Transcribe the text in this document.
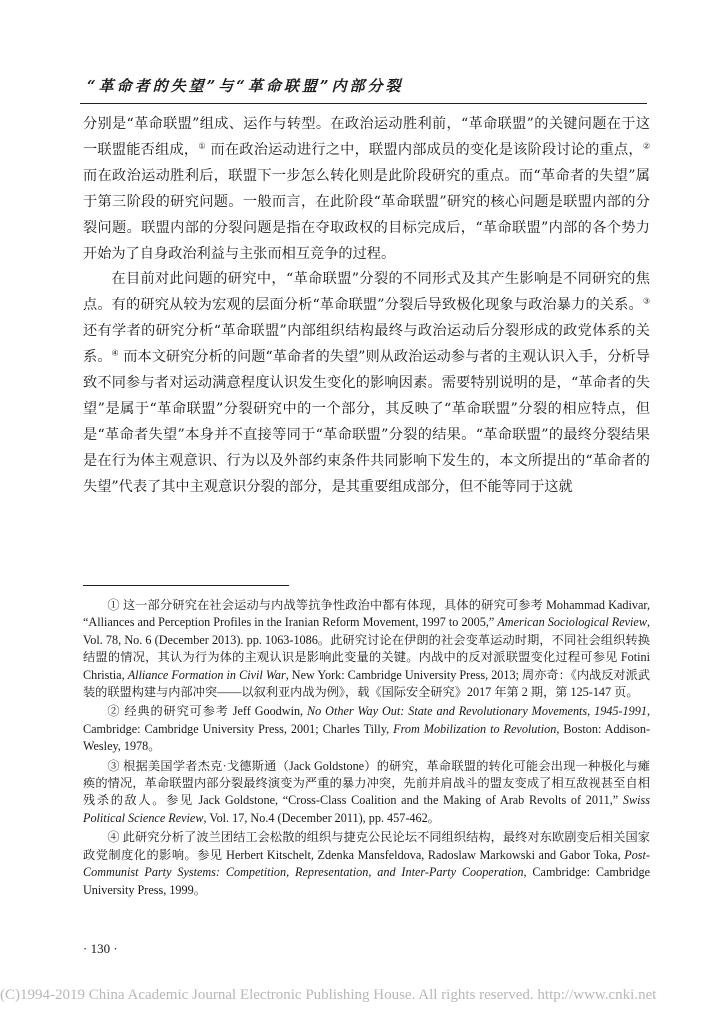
“革命者的失望”与“革命联盟”内部分裂

分别是“革命联盟”组成、运作与转型。在政治运动胜利前，“革命联盟”的关键问题在于这一联盟能否组成，① 而在政治运动进行之中，联盟内部成员的变化是该阶段讨论的重点，② 而在政治运动胜利后，联盟下一步怎么转化则是此阶段研究的重点。而“革命者的失望”属于第三阶段的研究问题。一般而言，在此阶段“革命联盟”研究的核心问题是联盟内部的分裂问题。联盟内部的分裂问题是指在夺取政权的目标完成后，“革命联盟”内部的各个势力开始为了自身政治利益与主张而相互竞争的过程。

在目前对此问题的研究中，“革命联盟”分裂的不同形式及其产生影响是不同研究的焦点。有的研究从较为宏观的层面分析“革命联盟”分裂后导致极化现象与政治暴力的关系。③ 还有学者的研究分析“革命联盟”内部组织结构最终与政治运动后分裂形成的政党体系的关系。④ 而本文研究分析的问题“革命者的失望”则从政治运动参与者的主观认识入手，分析导致不同参与者对运动满意程度认识发生变化的影响因素。需要特别说明的是，“革命者的失望”是属于“革命联盟”分裂研究中的一个部分，其反映了“革命联盟”分裂的相应特点，但是“革命者失望”本身并不直接等同于“革命联盟”分裂的结果。“革命联盟”的最终分裂结果是在行为体主观意识、行为以及外部约束条件共同影响下发生的，本文所提出的“革命者的失望”代表了其中主观意识分裂的部分，是其重要组成部分，但不能等同于这就

① 这一部分研究在社会运动与内战等抗争性政治中都有体现，具体的研究可参考 Mohammad Kadivar, “Alliances and Perception Profiles in the Iranian Reform Movement, 1997 to 2005,” American Sociological Review, Vol. 78, No. 6 (December 2013). pp. 1063-1086。此研究讨论在伊朗的社会变革运动时期，不同社会组织转换结盟的情况，其认为行为体的主观认识是影响此变量的关键。内战中的反对派联盟变化过程可参见 Fotini Christia, Alliance Formation in Civil War, New York: Cambridge University Press, 2013; 周亦奇：《内战反对派武装的联盟构建与内部冲突——以叙利亚内战为例》，载《国际安全研究》2017 年第 2 期，第 125-147 页。

② 经典的研究可参考 Jeff Goodwin, No Other Way Out: State and Revolutionary Movements, 1945-1991, Cambridge: Cambridge University Press, 2001; Charles Tilly, From Mobilization to Revolution, Boston: Addison-Wesley, 1978。

③ 根据美国学者杰克·戈德斯通（Jack Goldstone）的研究，革命联盟的转化可能会出现一种极化与瘫痪的情况，革命联盟内部分裂最终演变为严重的暴力冲突，先前并肩战斗的盟友变成了相互敌视甚至自相残杀的敌人。参见 Jack Goldstone, “Cross-Class Coalition and the Making of Arab Revolts of 2011,” Swiss Political Science Review, Vol. 17, No.4 (December 2011), pp. 457-462。

④ 此研究分析了波兰团结工会松散的组织与捷克公民论坛不同组织结构，最终对东欧剧变后相关国家政党制度化的影响。参见 Herbert Kitschelt, Zdenka Mansfeldova, Radoslaw Markowski and Gabor Toka, Post-Communist Party Systems: Competition, Representation, and Inter-Party Cooperation, Cambridge: Cambridge University Press, 1999。

· 130 ·
(C)1994-2019 China Academic Journal Electronic Publishing House. All rights reserved. http://www.cnki.net
